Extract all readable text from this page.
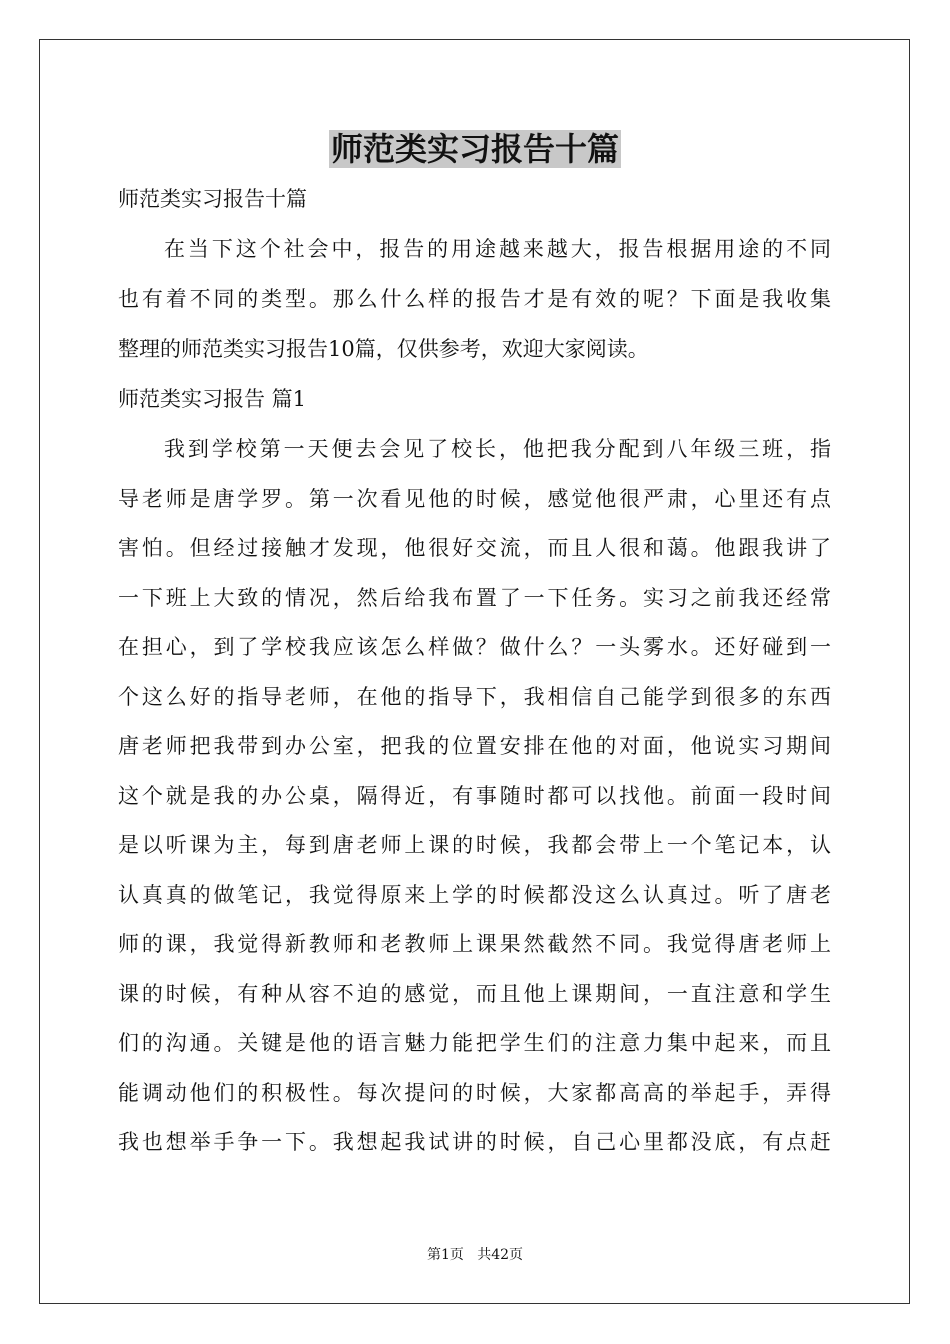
师范类实习报告十篇
师范类实习报告十篇
在当下这个社会中，报告的用途越来越大，报告根据用途的不同
也有着不同的类型。那么什么样的报告才是有效的呢？下面是我收集
整理的师范类实习报告10篇，仅供参考，欢迎大家阅读。
师范类实习报告 篇1
我到学校第一天便去会见了校长，他把我分配到八年级三班，指
导老师是唐学罗。第一次看见他的时候，感觉他很严肃，心里还有点
害怕。但经过接触才发现，他很好交流，而且人很和蔼。他跟我讲了
一下班上大致的情况，然后给我布置了一下任务。实习之前我还经常
在担心，到了学校我应该怎么样做？做什么？一头雾水。还好碰到一
个这么好的指导老师，在他的指导下，我相信自己能学到很多的东西
唐老师把我带到办公室，把我的位置安排在他的对面，他说实习期间
这个就是我的办公桌，隔得近，有事随时都可以找他。前面一段时间
是以听课为主，每到唐老师上课的时候，我都会带上一个笔记本，认
认真真的做笔记，我觉得原来上学的时候都没这么认真过。听了唐老
师的课，我觉得新教师和老教师上课果然截然不同。我觉得唐老师上
课的时候，有种从容不迫的感觉，而且他上课期间，一直注意和学生
们的沟通。关键是他的语言魅力能把学生们的注意力集中起来，而且
能调动他们的积极性。每次提问的时候，大家都高高的举起手，弄得
我也想举手争一下。我想起我试讲的时候，自己心里都没底，有点赶
第1页   共42页
